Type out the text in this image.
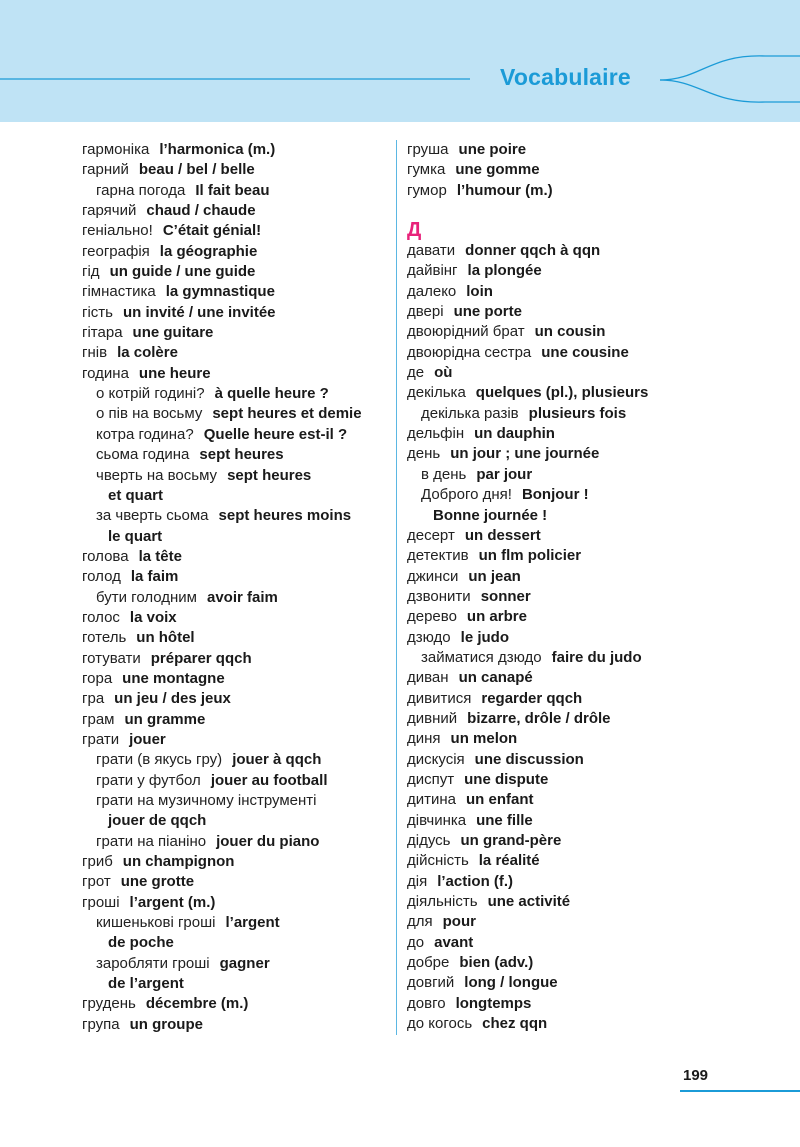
Vocabulaire
гармоніка l’harmonica (m.)
гарний beau / bel / belle
гарна погода Il fait beau
гарячий chaud / chaude
геніально! C’était génial!
географія la géographie
гід un guide / une guide
гімнастика la gymnastique
гість un invité / une invitée
гітара une guitare
гнів la colère
година une heure
о котрій годині? à quelle heure ?
о пів на восьму sept heures et demie
котра година? Quelle heure est-il ?
сьома година sept heures
чверть на восьму sept heures
et quart
за чверть сьома sept heures moins
le quart
голова la tête
голод la faim
бути голодним avoir faim
голос la voix
готель un hôtel
готувати préparer qqch
гора une montagne
гра un jeu / des jeux
грам un gramme
грати jouer
грати (в якусь гру) jouer à qqch
грати у футбол jouer au football
грати на музичному інструменті
jouer de qqch
грати на піаніно jouer du piano
гриб un champignon
грот une grotte
гроші l’argent (m.)
кишенькові гроші l’argent
de poche
заробляти гроші gagner
de l’argent
грудень décembre (m.)
група un groupe
груша une poire
гумка une gomme
гумор l’humour (m.)
Д
давати donner qqch à qqn
дайвінг la plongée
далеко loin
двері une porte
двоюрідний брат un cousin
двоюрідна сестра une cousine
де où
декілька quelques (pl.), plusieurs
декілька разів plusieurs fois
дельфін un dauphin
день un jour ; une journée
в день par jour
Доброго дня! Bonjour !
Bonne journée !
десерт un dessert
детектив un flm policier
джинси un jean
дзвонити sonner
дерево un arbre
дзюдо le judo
займатися дзюдо faire du judo
диван un canapé
дивитися regarder qqch
дивний bizarre, drôle / drôle
диня un melon
дискусія une discussion
диспут une dispute
дитина un enfant
дівчинка une fille
дідусь un grand-père
дійсність la réalité
дія l’action (f.)
діяльність une activité
для pour
до avant
добре bien (adv.)
довгий long / longue
довго longtemps
до когось chez qqn
199
